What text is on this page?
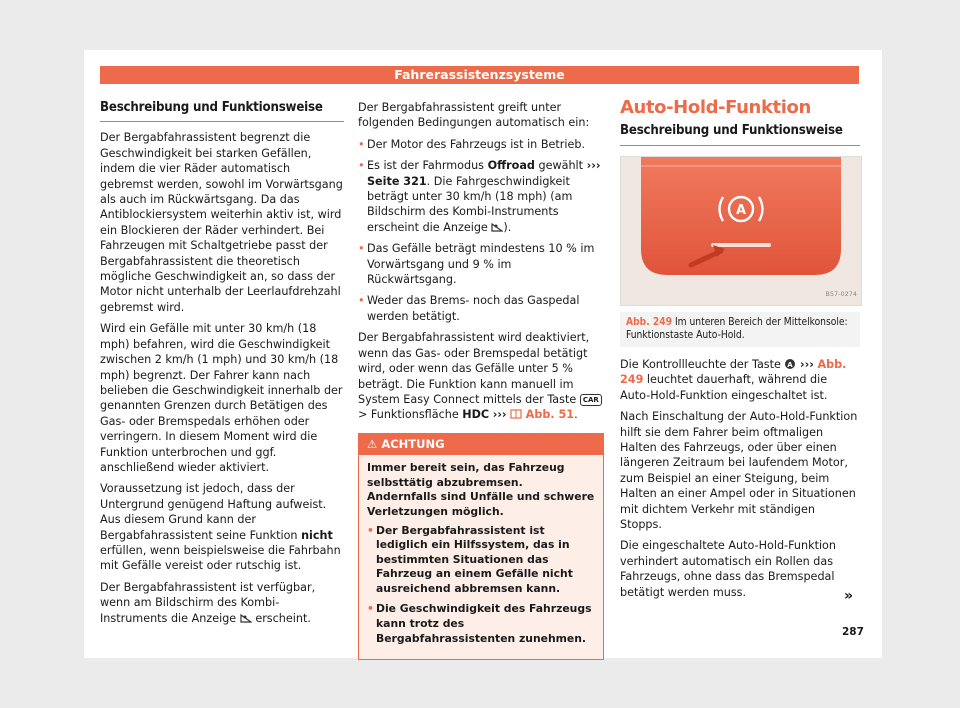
Fahrerassistenzsysteme
Beschreibung und Funktionsweise

Der Bergabfahrassistent begrenzt die Geschwindigkeit bei starken Gefällen, indem die vier Räder automatisch gebremst werden, sowohl im Vorwärtsgang als auch im Rückwärtsgang. Da das Antiblockiersystem weiterhin aktiv ist, wird ein Blockieren der Räder verhindert. Bei Fahrzeugen mit Schaltgetriebe passt der Bergabfahrassistent die theoretisch mögliche Geschwindigkeit an, so dass der Motor nicht unterhalb der Leerlaufdrehzahl gebremst wird.

Wird ein Gefälle mit unter 30 km/h (18 mph) befahren, wird die Geschwindigkeit zwischen 2 km/h (1 mph) und 30 km/h (18 mph) begrenzt. Der Fahrer kann nach belieben die Geschwindigkeit innerhalb der genannten Grenzen durch Betätigen des Gas- oder Bremspedals erhöhen oder verringern. In diesem Moment wird die Funktion unterbrochen und ggf. anschließend wieder aktiviert.

Voraussetzung ist jedoch, dass der Untergrund genügend Haftung aufweist. Aus diesem Grund kann der Bergabfahrassistent seine Funktion nicht erfüllen, wenn beispielsweise die Fahrbahn mit Gefälle vereist oder rutschig ist.

Der Bergabfahrassistent ist verfügbar, wenn am Bildschirm des Kombi-Instruments die Anzeige erscheint.

Der Bergabfahrassistent greift unter folgenden Bedingungen automatisch ein:

• Der Motor des Fahrzeugs ist in Betrieb.
• Es ist der Fahrmodus Offroad gewählt ››› Seite 321. Die Fahrgeschwindigkeit beträgt unter 30 km/h (18 mph) (am Bildschirm des Kombi-Instruments erscheint die Anzeige ).
• Das Gefälle beträgt mindestens 10 % im Vorwärtsgang und 9 % im Rückwärtsgang.
• Weder das Brems- noch das Gaspedal werden betätigt.

Der Bergabfahrassistent wird deaktiviert, wenn das Gas- oder Bremspedal betätigt wird, oder wenn das Gefälle unter 5 % beträgt. Die Funktion kann manuell im System Easy Connect mittels der Taste CAR > Funktionsfläche HDC ››› Abb. 51.

⚠ ACHTUNG

Immer bereit sein, das Fahrzeug selbsttätig abzubremsen. Andernfalls sind Unfälle und schwere Verletzungen möglich.

• Der Bergabfahrassistent ist lediglich ein Hilfssystem, das in bestimmten Situationen das Fahrzeug an einem Gefälle nicht ausreichend abbremsen kann.
• Die Geschwindigkeit des Fahrzeugs kann trotz des Bergabfahrassistenten zunehmen.
Auto-Hold-Funktion
Beschreibung und Funktionsweise
A
B57-0274
Abb. 249 Im unteren Bereich der Mittelkonsole: Funktionstaste Auto-Hold.

Die Kontrollleuchte der Taste A ››› Abb. 249 leuchtet dauerhaft, während die Auto-Hold-Funktion eingeschaltet ist.

Nach Einschaltung der Auto-Hold-Funktion hilft sie dem Fahrer beim oftmaligen Halten des Fahrzeugs, oder über einen längeren Zeitraum bei laufendem Motor, zum Beispiel an einer Steigung, beim Halten an einer Ampel oder in Situationen mit dichtem Verkehr mit ständigen Stopps.

Die eingeschaltete Auto-Hold-Funktion verhindert automatisch ein Rollen das Fahrzeugs, ohne dass das Bremspedal betätigt werden muss.	»
287
